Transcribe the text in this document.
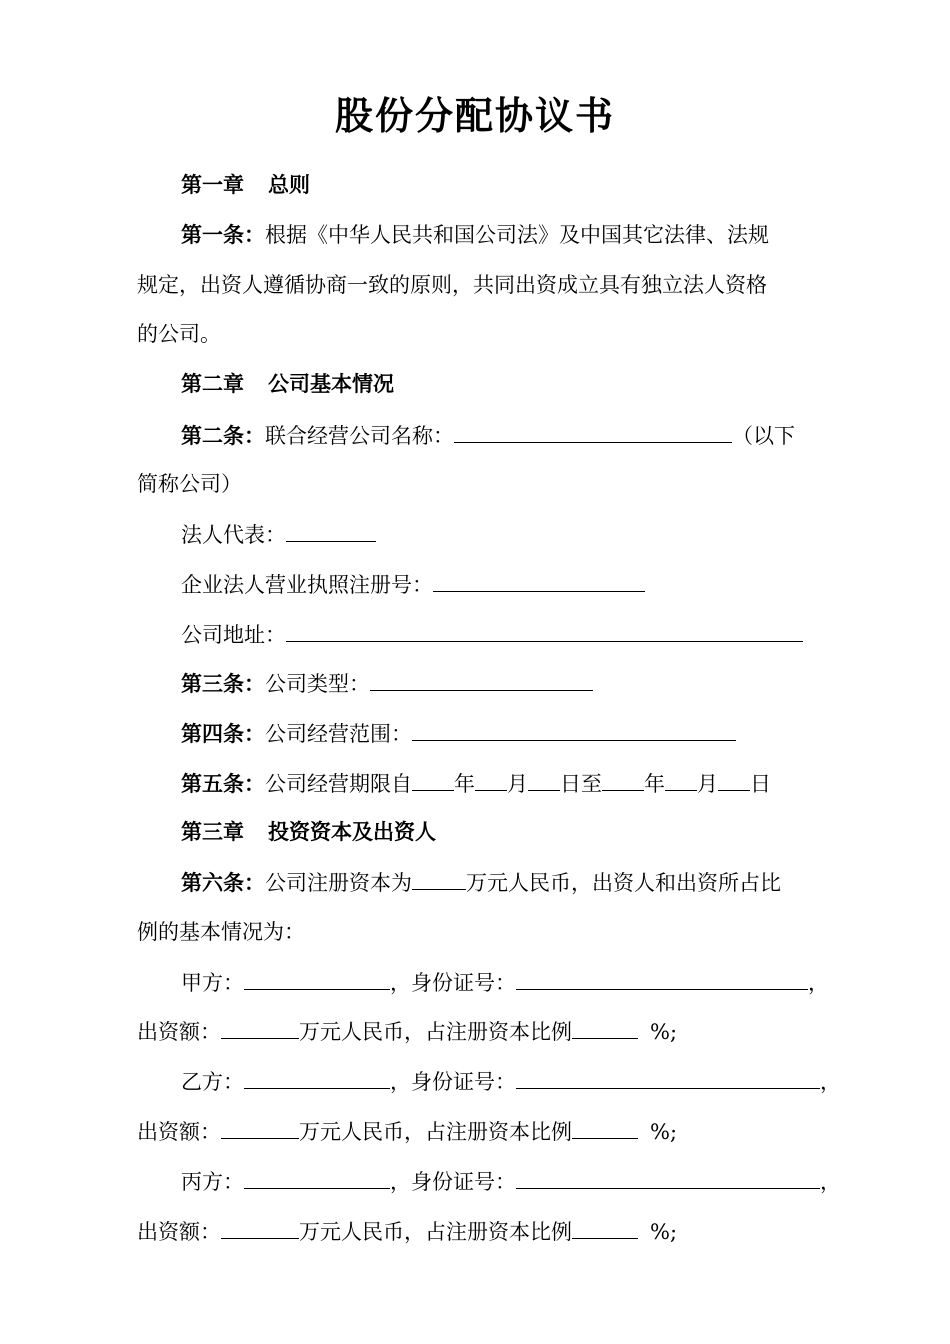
股份分配协议书
第一章 总则
第一条：根据《中华人民共和国公司法》及中国其它法律、法规
规定，出资人遵循协商一致的原则，共同出资成立具有独立法人资格
的公司。
第二章 公司基本情况
第二条：联合经营公司名称：	（以下
简称公司）
法人代表：
企业法人营业执照注册号：
公司地址：
第三条：公司类型：
第四条：公司经营范围：
第五条：公司经营期限自 年 月 日至 年 月 日
第三章 投资资本及出资人
第六条：公司注册资本为	万元人民币，出资人和出资所占比
例的基本情况为：
甲方：	，身份证号：	，
出资额：	万元人民币，占注册资本比例	%;
乙方：	，身份证号：	，
出资额：	万元人民币，占注册资本比例	%;
丙方：	，身份证号：	，
出资额：	万元人民币，占注册资本比例	%;
